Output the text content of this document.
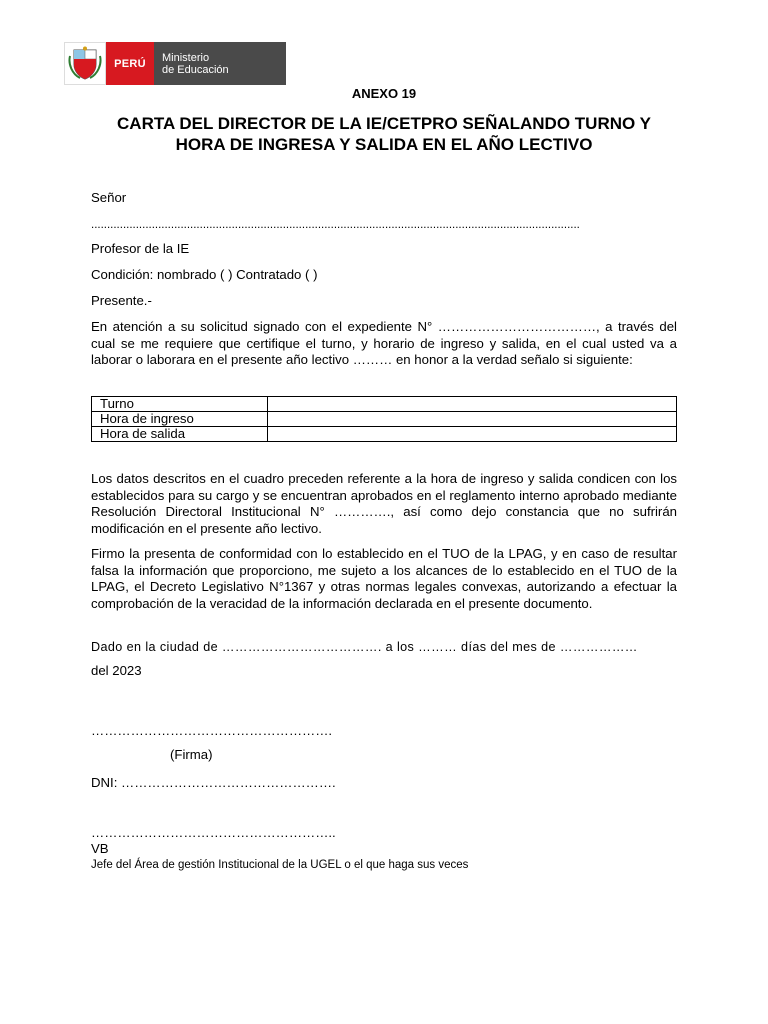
PERÚ	Ministerio
de Educación
ANEXO 19
CARTA DEL DIRECTOR DE LA IE/CETPRO SEÑALANDO TURNO Y
HORA DE INGRESA Y SALIDA EN EL AÑO LECTIVO
Señor
.........................................................................................................................................................
Profesor de la IE
Condición: nombrado ( ) Contratado ( )
Presente.-
En atención a su solicitud signado con el expediente N° ………………………………, a través del cual se me requiere que certifique el turno, y horario de ingreso y salida, en el cual usted va a laborar o laborara en el presente año lectivo ……… en honor a la verdad señalo si siguiente:
Turno	
Hora de ingreso	
Hora de salida	
Los datos descritos en el cuadro preceden referente a la hora de ingreso y salida condicen con los establecidos para su cargo y se encuentran aprobados en el reglamento interno aprobado mediante Resolución Directoral Institucional N° …………., así como dejo constancia que no sufrirán modificación en el presente año lectivo.
Firmo la presenta de conformidad con lo establecido en el TUO de la LPAG, y en caso de resultar falsa la información que proporciono, me sujeto a los alcances de lo establecido en el TUO de la LPAG, el Decreto Legislativo N°1367 y otras normas legales convexas, autorizando a efectuar la comprobación de la veracidad de la información declarada en el presente documento.
Dado en la ciudad de ………………………………. a los ……… días del mes de ………………
del 2023
……………………………………………….
(Firma)
DNI: ………………………………………….
………………………………………………..
VB
Jefe del Área de gestión Institucional de la UGEL o el que haga sus veces
